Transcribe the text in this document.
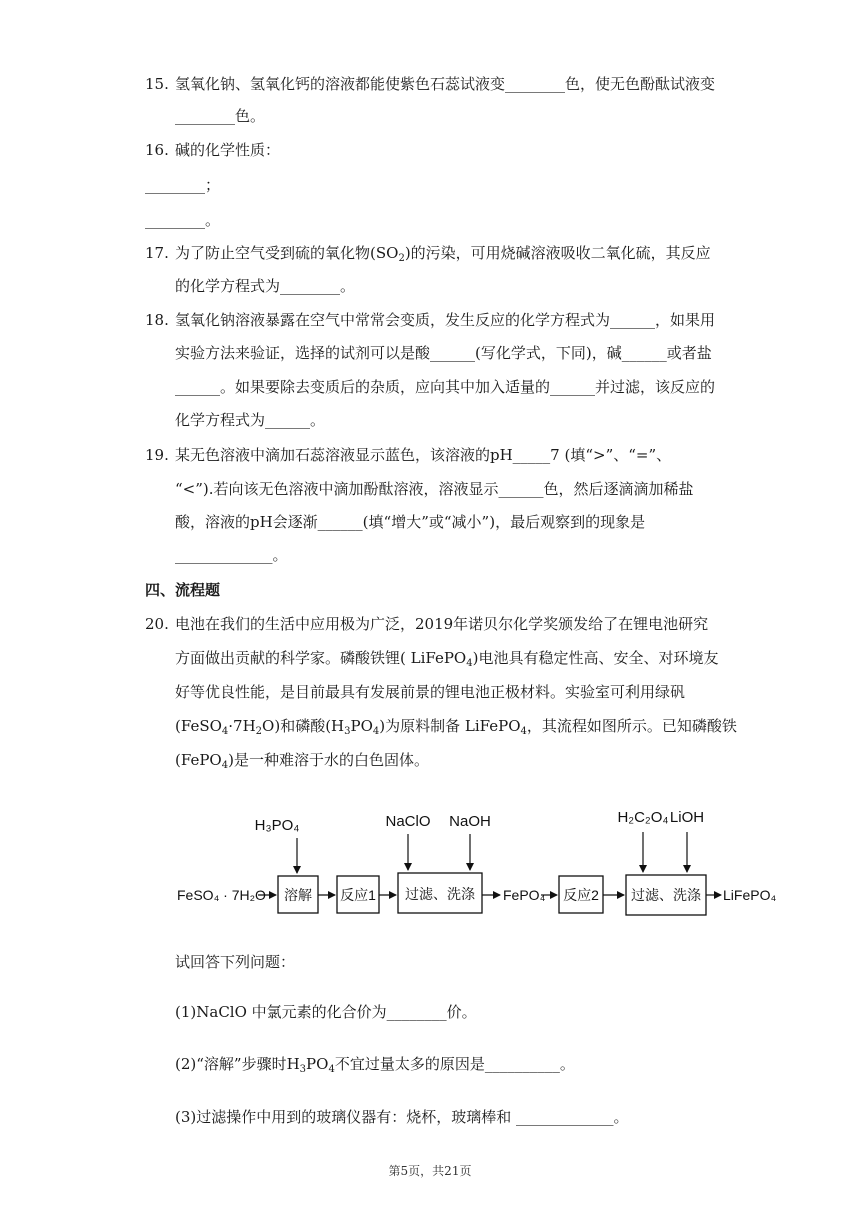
15. 氢氧化钠、氢氧化钙的溶液都能使紫色石蕊试液变________色，使无色酚酞试液变
________色。
16. 碱的化学性质：
________；
________。
17. 为了防止空气受到硫的氧化物$(SO_2)$的污染，可用烧碱溶液吸收二氧化硫，其反应
的化学方程式为________。
18. 氢氧化钠溶液暴露在空气中常常会变质，发生反应的化学方程式为______，如果用
实验方法来验证，选择的试剂可以是酸______(写化学式，下同)，碱______或者盐
______。如果要除去变质后的杂质，应向其中加入适量的______并过滤，该反应的
化学方程式为______。
19. 某无色溶液中滴加石蕊溶液显示蓝色，该溶液的pH_____7 (填“>”、“=”、
“<”).若向该无色溶液中滴加酚酞溶液，溶液显示______色，然后逐滴滴加稀盐
酸，溶液的pH会逐渐______(填“增大”或“减小”)，最后观察到的现象是
_____________。
四、流程题
20. 电池在我们的生活中应用极为广泛，2019年诺贝尔化学奖颁发给了在锂电池研究
方面做出贡献的科学家。磷酸铁锂( LiFePO$_4$)电池具有稳定性高、安全、对环境友
好等优良性能，是目前最具有发展前景的锂电池正极材料。实验室可利用绿矾
$(FeSO_4\cdot 7H_2O)$和磷酸$(H_3PO_4)$为原料制备 LiFePO$_4$，其流程如图所示。已知磷酸铁
(FePO$_4$)是一种难溶于水的白色固体。
H₃PO₄	NaClO NaOH	H₂C₂O₄ LiOH
FeSO₄ · 7H₂O 溶解 反应1 过滤、洗涤 FePO₄ 反应2 过滤、洗涤 LiFePO₄
试回答下列问题：
(1)NaClO 中氯元素的化合价为________价。
(2)“溶解”步骤时$H_3PO_4$不宜过量太多的原因是__________。
(3)过滤操作中用到的玻璃仪器有：烧杯，玻璃棒和 _____________。
第5页，共21页
